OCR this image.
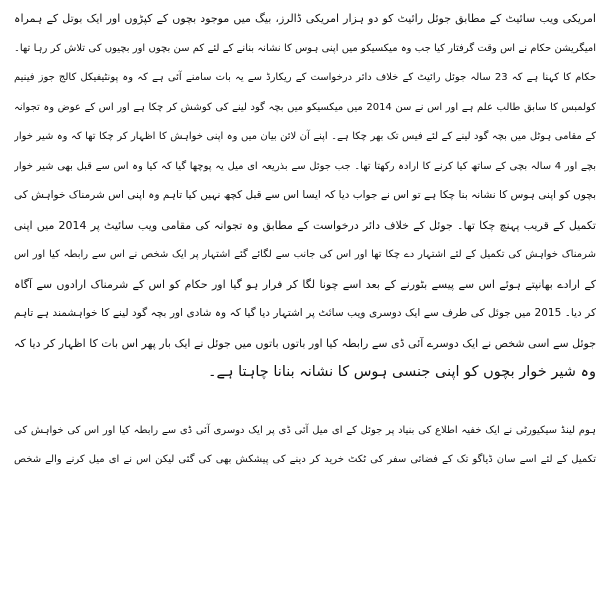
امریکی ویب سائیٹ کے مطابق جوئل رائیٹ کو دو ہزار امریکی ڈالرز، بیگ میں موجود بچوں کے کپڑوں اور ایک بوتل کے ہمراہ
امیگریشن حکام نے اس وقت گرفتار کیا جب وہ میکسیکو میں اپنی ہوس کا نشانہ بنانے کے لئے کم سن بچوں اور بچیوں کی تلاش کر رہا تھا۔
حکام کا کہنا ہے کہ 23 سالہ جوئل رائیٹ کے خلاف دائر درخواست کے ریکارڈ سے یہ بات سامنے آئی ہے کہ وہ پونٹیفیکل کالج جوز فینیم
کولمبس کا سابق طالب علم ہے اور اس نے سن 2014 میں میکسیکو میں بچہ گود لینے کی کوشش کر چکا ہے اور اس کے عوض وہ تجوانہ
کے مقامی ہوٹل میں بچہ گود لینے کے لئے فیس تک بھر چکا ہے۔ اپنے آن لائن بیان میں وہ اپنی خواہش کا اظہار کر چکا تھا کہ وہ شیر خوار
بچے اور 4 سالہ بچی کے ساتھ کیا کرنے کا ارادہ رکھتا تھا۔ جب جوئل سے بذریعہ ای میل یہ پوچھا گیا کہ کیا وہ اس سے قبل بھی شیر خوار
بچوں کو اپنی ہوس کا نشانہ بنا چکا ہے تو اس نے جواب دیا کہ ایسا اس سے قبل کچھ نہیں کیا تاہم وہ اپنی اس شرمناک خواہش کی
تکمیل کے قریب پہنچ چکا تھا۔ جوئل کے خلاف دائر درخواست کے مطابق وہ تجوانہ کی مقامی ویب سائیٹ پر 2014 میں اپنی
شرمناک خواہش کی تکمیل کے لئے اشتہار دے چکا تھا اور اس کی جانب سے لگائے گئے اشتہار پر ایک شخص نے اس سے رابطہ کیا اور اس
کے ارادے بھانپتے ہوئے اس سے پیسے بٹورنے کے بعد اسے چونا لگا کر فرار ہو گیا اور حکام کو اس کے شرمناک ارادوں سے آگاہ
کر دیا۔ 2015 میں جوئل کی طرف سے ایک دوسری ویب سائٹ پر اشتہار دیا گیا کہ وہ شادی اور بچہ گود لینے کا خواہشمند ہے تاہم
جوئل سے اسی شخص نے ایک دوسرے آئی ڈی سے رابطہ کیا اور باتوں باتوں میں جوئل نے ایک بار پھر اس بات کا اظہار کر دیا کہ
وہ شیر خوار بچوں کو اپنی جنسی ہوس کا نشانہ بنانا چاہتا ہے۔
ہوم لینڈ سیکیورٹی نے ایک خفیہ اطلاع کی بنیاد پر جوئل کے ای میل آئی ڈی پر ایک دوسری آئی ڈی سے رابطہ کیا اور اس کی خواہش کی
تکمیل کے لئے اسے سان ڈیاگو تک کے فضائی سفر کی ٹکٹ خرید کر دینے کی پیشکش بھی کی گئی لیکن اس نے ای میل کرنے والے شخص
